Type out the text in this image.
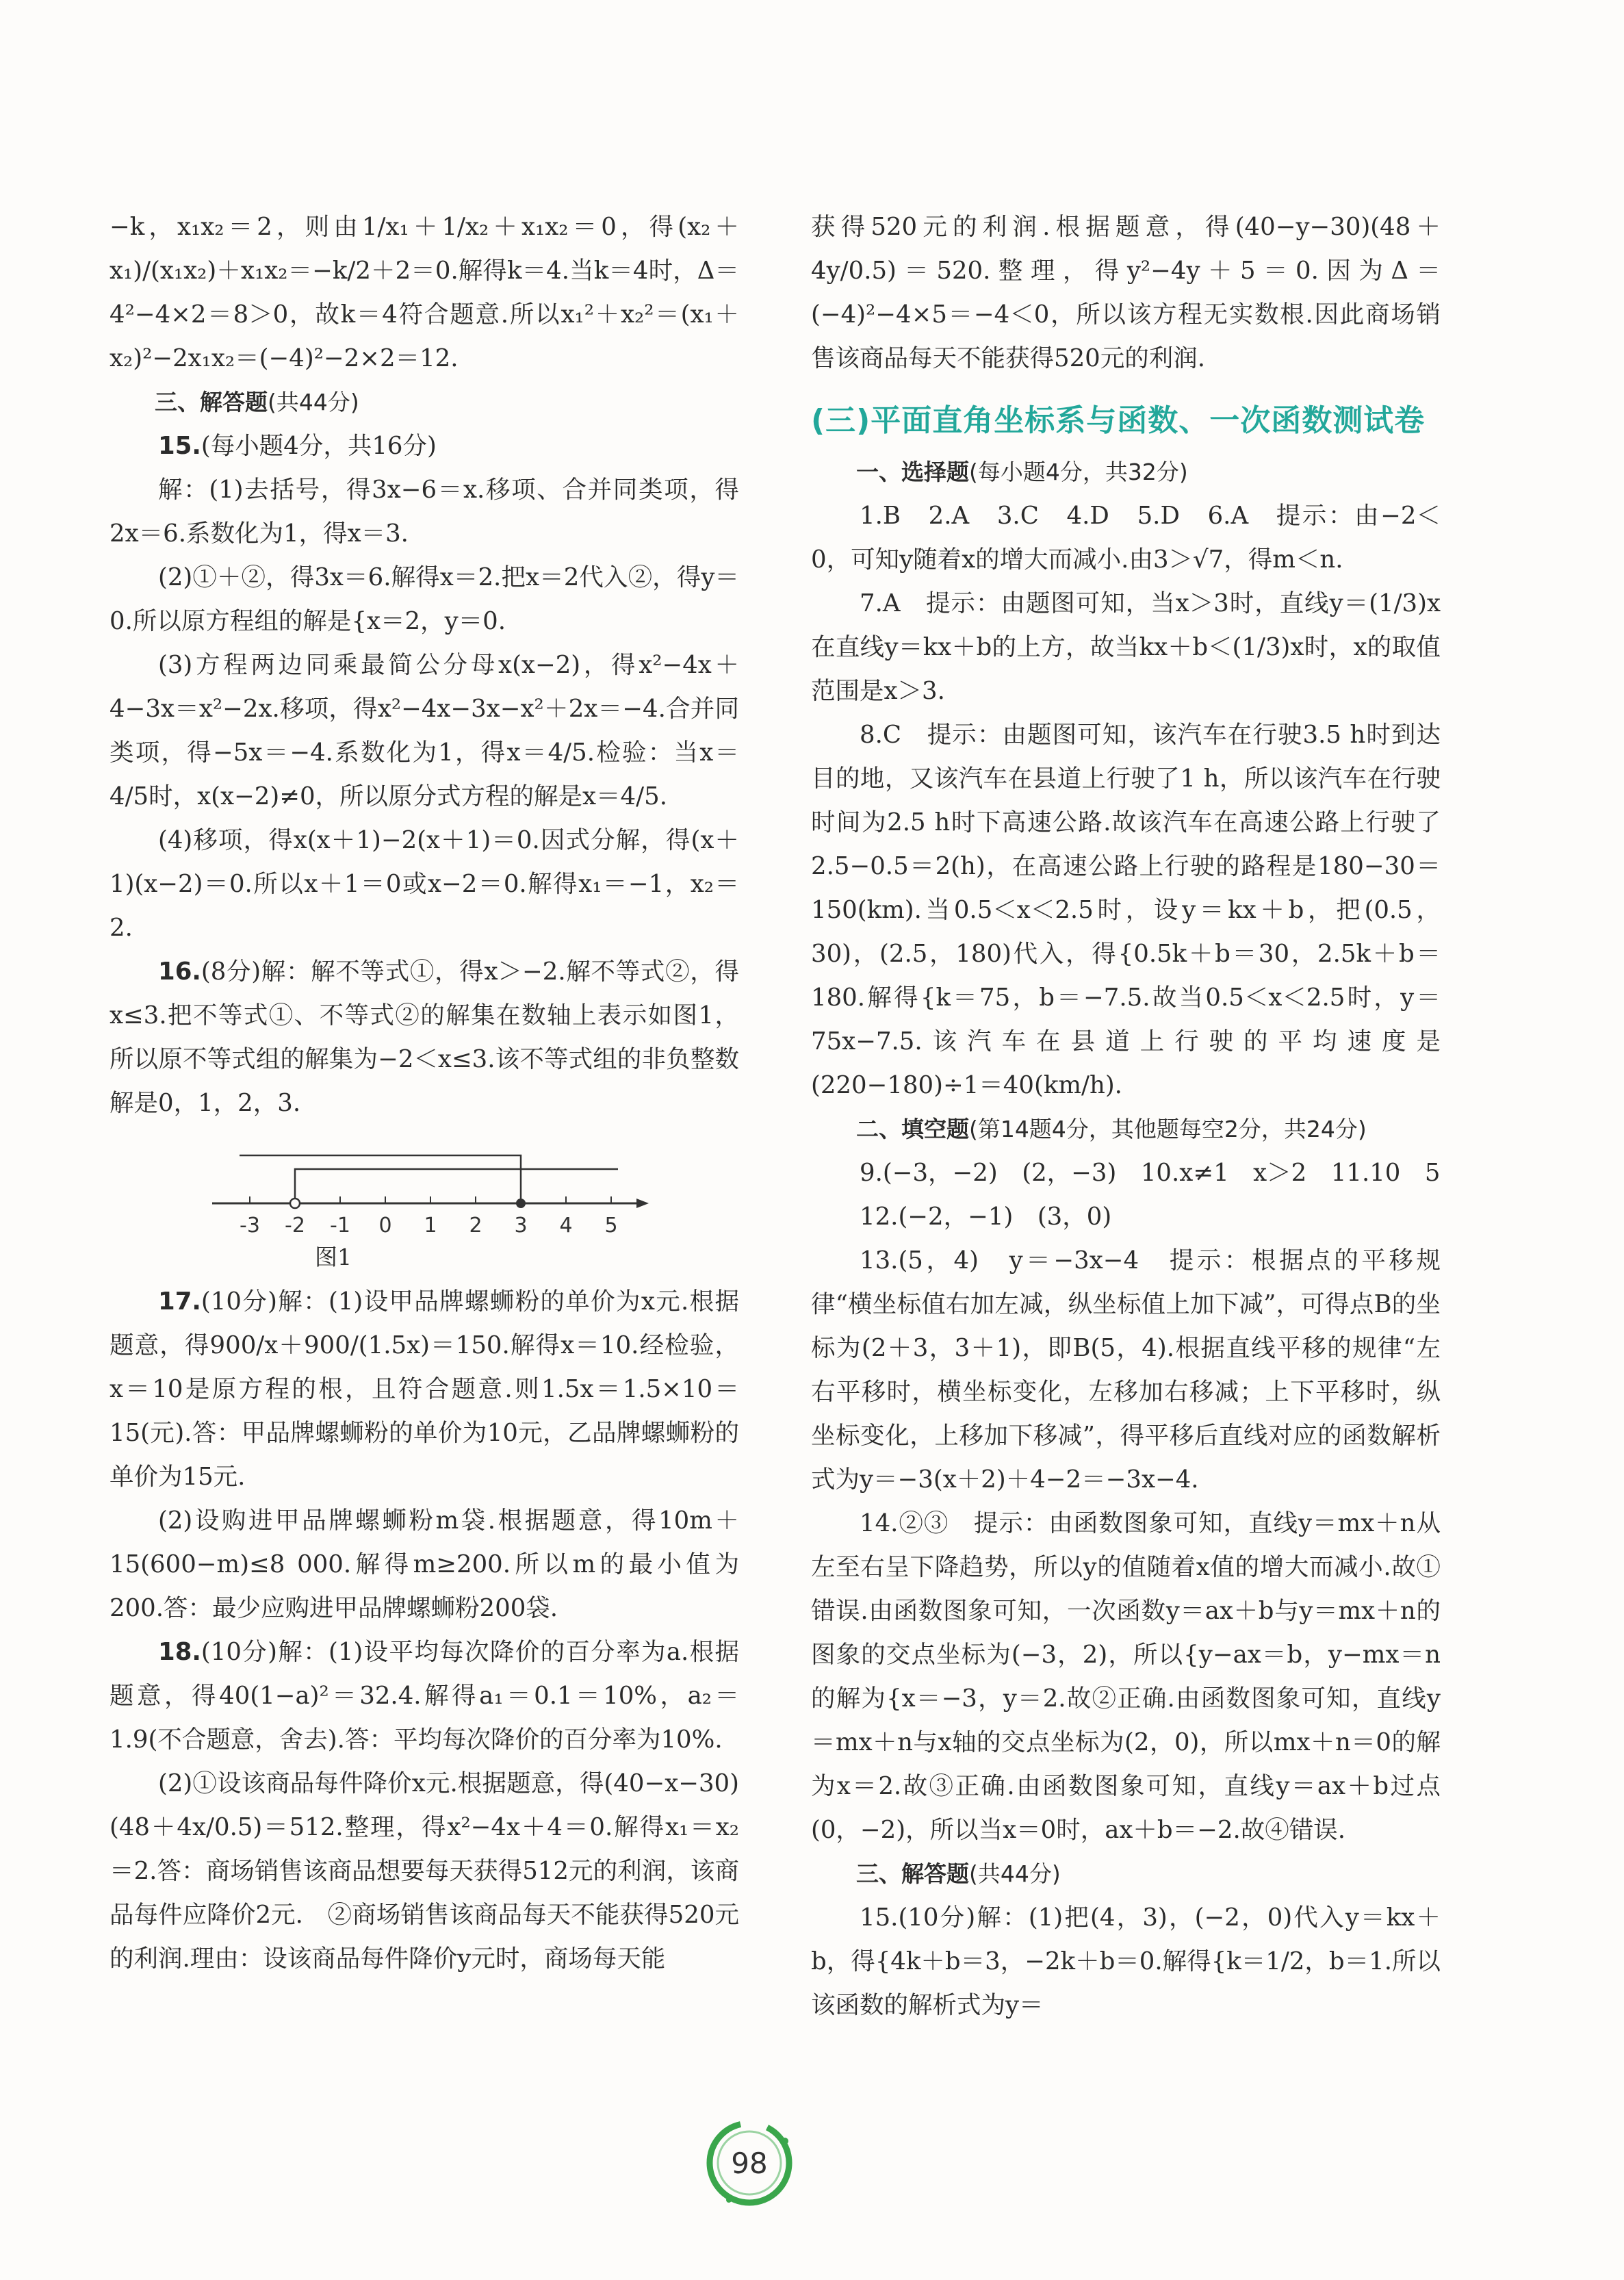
−k，x₁x₂＝2，则由1/x₁＋1/x₂＋x₁x₂＝0，得(x₂＋x₁)/(x₁x₂)＋x₁x₂＝−k/2＋2＝0.解得k＝4.当k＝4时，Δ＝4²−4×2＝8＞0，故k＝4符合题意.所以x₁²＋x₂²＝(x₁＋x₂)²−2x₁x₂＝(−4)²−2×2＝12.

三、解答题(共44分)

15.(每小题4分，共16分)

解：(1)去括号，得3x−6＝x.移项、合并同类项，得2x＝6.系数化为1，得x＝3.

(2)①＋②，得3x＝6.解得x＝2.把x＝2代入②，得y＝0.所以原方程组的解是{x＝2，y＝0.

(3)方程两边同乘最简公分母x(x−2)，得x²−4x＋4−3x＝x²−2x.移项，得x²−4x−3x−x²＋2x＝−4.合并同类项，得−5x＝−4.系数化为1，得x＝4/5.检验：当x＝4/5时，x(x−2)≠0，所以原分式方程的解是x＝4/5.

(4)移项，得x(x＋1)−2(x＋1)＝0.因式分解，得(x＋1)(x−2)＝0.所以x＋1＝0或x−2＝0.解得x₁＝−1，x₂＝2.

16.(8分)解：解不等式①，得x＞−2.解不等式②，得x≤3.把不等式①、不等式②的解集在数轴上表示如图1，所以原不等式组的解集为−2＜x≤3.该不等式组的非负整数解是0，1，2，3.

-3 -2 -1 0 1 2 3 4 5
图1

17.(10分)解：(1)设甲品牌螺蛳粉的单价为x元.根据题意，得900/x＋900/(1.5x)＝150.解得x＝10.经检验，x＝10是原方程的根，且符合题意.则1.5x＝1.5×10＝15(元).答：甲品牌螺蛳粉的单价为10元，乙品牌螺蛳粉的单价为15元.

(2)设购进甲品牌螺蛳粉m袋.根据题意，得10m＋15(600−m)≤8 000.解得m≥200.所以m的最小值为200.答：最少应购进甲品牌螺蛳粉200袋.

18.(10分)解：(1)设平均每次降价的百分率为a.根据题意，得40(1−a)²＝32.4.解得a₁＝0.1＝10%，a₂＝1.9(不合题意，舍去).答：平均每次降价的百分率为10%.

(2)①设该商品每件降价x元.根据题意，得(40−x−30)(48＋4x/0.5)＝512.整理，得x²−4x＋4＝0.解得x₁＝x₂＝2.答：商场销售该商品想要每天获得512元的利润，该商品每件应降价2元.　②商场销售该商品每天不能获得520元的利润.理由：设该商品每件降价y元时，商场每天能

获得520元的利润.根据题意，得(40−y−30)(48＋4y/0.5)＝520.整理，得y²−4y＋5＝0.因为Δ＝(−4)²−4×5＝−4＜0，所以该方程无实数根.因此商场销售该商品每天不能获得520元的利润.

(三)平面直角坐标系与函数、一次函数测试卷

一、选择题(每小题4分，共32分)

1.B　2.A　3.C　4.D　5.D　6.A　提示：由−2＜0，可知y随着x的增大而减小.由3＞√7，得m＜n.

7.A　提示：由题图可知，当x＞3时，直线y＝(1/3)x在直线y＝kx＋b的上方，故当kx＋b＜(1/3)x时，x的取值范围是x＞3.

8.C　提示：由题图可知，该汽车在行驶3.5 h时到达目的地，又该汽车在县道上行驶了1 h，所以该汽车在行驶时间为2.5 h时下高速公路.故该汽车在高速公路上行驶了2.5−0.5＝2(h)，在高速公路上行驶的路程是180−30＝150(km).当0.5＜x＜2.5时，设y＝kx＋b，把(0.5，30)，(2.5，180)代入，得{0.5k＋b＝30，2.5k＋b＝180.解得{k＝75，b＝−7.5.故当0.5＜x＜2.5时，y＝75x−7.5.该汽车在县道上行驶的平均速度是(220−180)÷1＝40(km/h).

二、填空题(第14题4分，其他题每空2分，共24分)

9.(−3，−2)　(2，−3)　10.x≠1　x＞2　11.10　5

12.(−2，−1)　(3，0)

13.(5，4)　y＝−3x−4　提示：根据点的平移规律“横坐标值右加左减，纵坐标值上加下减”，可得点B的坐标为(2＋3，3＋1)，即B(5，4).根据直线平移的规律“左右平移时，横坐标变化，左移加右移减；上下平移时，纵坐标变化，上移加下移减”，得平移后直线对应的函数解析式为y＝−3(x＋2)＋4−2＝−3x−4.

14.②③　提示：由函数图象可知，直线y＝mx＋n从左至右呈下降趋势，所以y的值随着x值的增大而减小.故①错误.由函数图象可知，一次函数y＝ax＋b与y＝mx＋n的图象的交点坐标为(−3，2)，所以{y−ax＝b，y−mx＝n的解为{x＝−3，y＝2.故②正确.由函数图象可知，直线y＝mx＋n与x轴的交点坐标为(2，0)，所以mx＋n＝0的解为x＝2.故③正确.由函数图象可知，直线y＝ax＋b过点(0，−2)，所以当x＝0时，ax＋b＝−2.故④错误.

三、解答题(共44分)

15.(10分)解：(1)把(4，3)，(−2，0)代入y＝kx＋b，得{4k＋b＝3，−2k＋b＝0.解得{k＝1/2，b＝1.所以该函数的解析式为y＝

98
